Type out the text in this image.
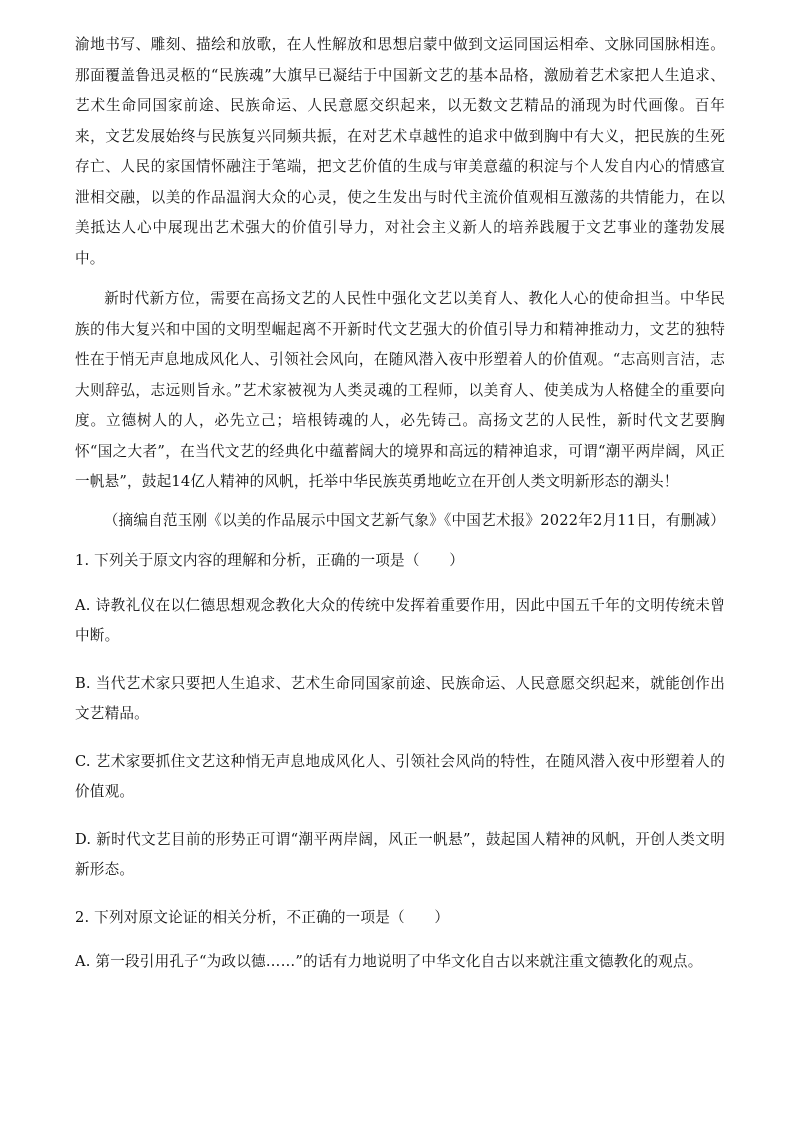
渝地书写、雕刻、描绘和放歌，在人性解放和思想启蒙中做到文运同国运相牵、文脉同国脉相连。那面覆盖鲁迅灵柩的“民族魂”大旗早已凝结于中国新文艺的基本品格，激励着艺术家把人生追求、艺术生命同国家前途、民族命运、人民意愿交织起来，以无数文艺精品的涌现为时代画像。百年来，文艺发展始终与民族复兴同频共振，在对艺术卓越性的追求中做到胸中有大义，把民族的生死存亡、人民的家国情怀融注于笔端，把文艺价值的生成与审美意蕴的积淀与个人发自内心的情感宣泄相交融，以美的作品温润大众的心灵，使之生发出与时代主流价值观相互激荡的共情能力，在以美抵达人心中展现出艺术强大的价值引导力，对社会主义新人的培养践履于文艺事业的蓬勃发展中。

新时代新方位，需要在高扬文艺的人民性中强化文艺以美育人、教化人心的使命担当。中华民族的伟大复兴和中国的文明型崛起离不开新时代文艺强大的价值引导力和精神推动力，文艺的独特性在于悄无声息地成风化人、引领社会风向，在随风潜入夜中形塑着人的价值观。“志高则言洁，志大则辞弘，志远则旨永。”艺术家被视为人类灵魂的工程师，以美育人、使美成为人格健全的重要向度。立德树人的人，必先立己；培根铸魂的人，必先铸己。高扬文艺的人民性，新时代文艺要胸怀“国之大者”，在当代文艺的经典化中蕴蓄阔大的境界和高远的精神追求，可谓“潮平两岸阔，风正一帆悬”，鼓起14亿人精神的风帆，托举中华民族英勇地屹立在开创人类文明新形态的潮头！

（摘编自范玉刚《以美的作品展示中国文艺新气象》《中国艺术报》2022年2月11日，有删减）

1. 下列关于原文内容的理解和分析，正确的一项是（　　）

A. 诗教礼仪在以仁德思想观念教化大众的传统中发挥着重要作用，因此中国五千年的文明传统未曾中断。

B. 当代艺术家只要把人生追求、艺术生命同国家前途、民族命运、人民意愿交织起来，就能创作出文艺精品。

C. 艺术家要抓住文艺这种悄无声息地成风化人、引领社会风尚的特性，在随风潜入夜中形塑着人的价值观。

D. 新时代文艺目前的形势正可谓“潮平两岸阔，风正一帆悬”，鼓起国人精神的风帆，开创人类文明新形态。

2. 下列对原文论证的相关分析，不正确的一项是（　　）

A. 第一段引用孔子“为政以德……”的话有力地说明了中华文化自古以来就注重文德教化的观点。
